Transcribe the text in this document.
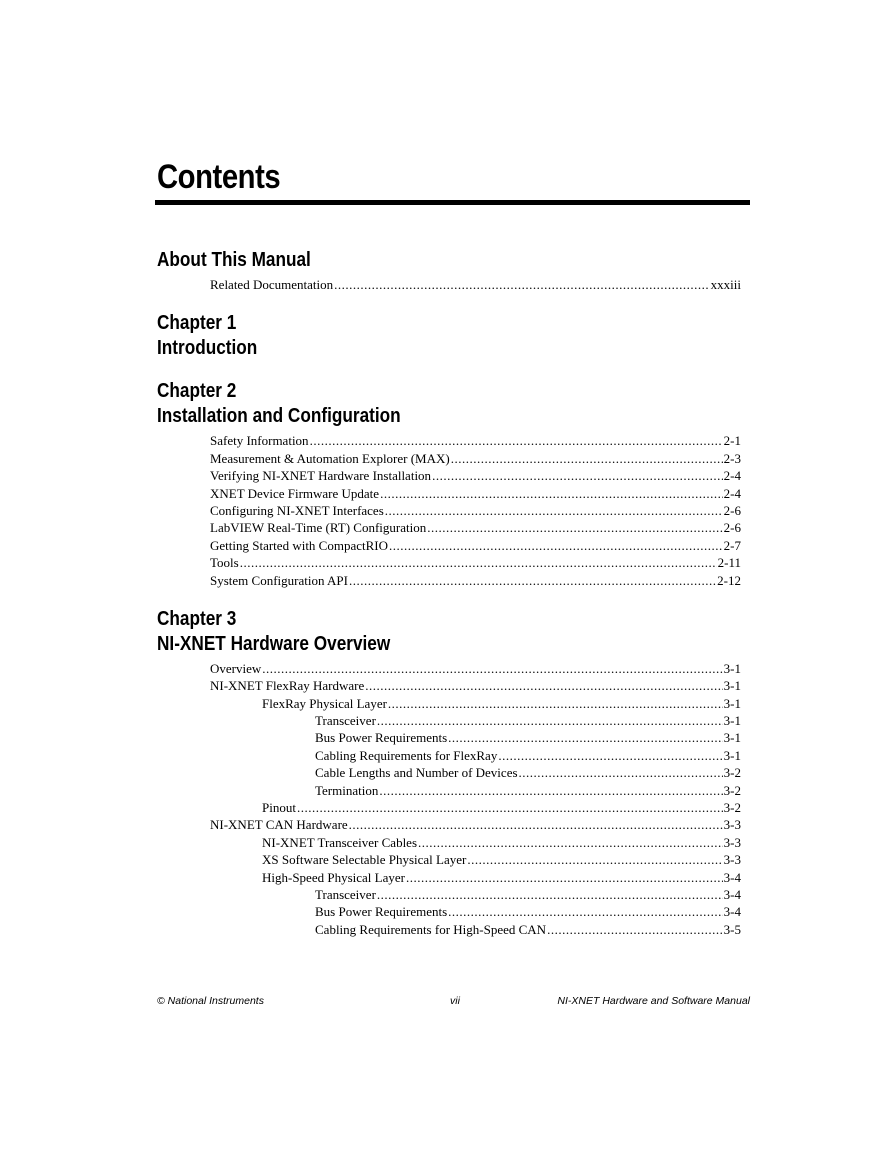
Contents
About This Manual
Related Documentation .....	xxxiii
Chapter 1
Introduction
Chapter 2
Installation and Configuration
Safety Information .....	2-1
Measurement & Automation Explorer (MAX) .....	2-3
Verifying NI-XNET Hardware Installation .....	2-4
XNET Device Firmware Update .....	2-4
Configuring NI-XNET Interfaces .....	2-6
LabVIEW Real-Time (RT) Configuration .....	2-6
Getting Started with CompactRIO .....	2-7
Tools .....	2-11
System Configuration API .....	2-12
Chapter 3
NI-XNET Hardware Overview
Overview .....	3-1
NI-XNET FlexRay Hardware .....	3-1
FlexRay Physical Layer .....	3-1
Transceiver .....	3-1
Bus Power Requirements .....	3-1
Cabling Requirements for FlexRay .....	3-1
Cable Lengths and Number of Devices .....	3-2
Termination .....	3-2
Pinout .....	3-2
NI-XNET CAN Hardware .....	3-3
NI-XNET Transceiver Cables .....	3-3
XS Software Selectable Physical Layer .....	3-3
High-Speed Physical Layer .....	3-4
Transceiver .....	3-4
Bus Power Requirements .....	3-4
Cabling Requirements for High-Speed CAN .....	3-5
© National Instruments	vii	NI-XNET Hardware and Software Manual
